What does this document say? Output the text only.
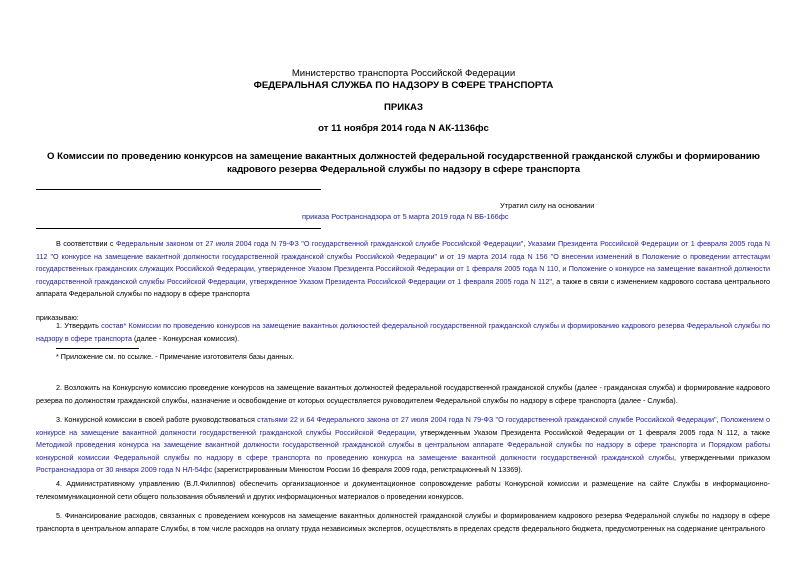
Министерство транспорта Российской Федерации
ФЕДЕРАЛЬНАЯ СЛУЖБА ПО НАДЗОРУ В СФЕРЕ ТРАНСПОРТА
ПРИКАЗ
от 11 ноября 2014 года N АК-1136фс
О Комиссии по проведению конкурсов на замещение вакантных должностей федеральной государственной гражданской службы и формированию кадрового резерва Федеральной службы по надзору в сфере транспорта
Утратил силу на основании
приказа Ространснадзора от 5 марта 2019 года N ВБ-166фс
В соответствии с Федеральным законом от 27 июля 2004 года N 79-ФЗ "О государственной гражданской службе Российской Федерации", Указами Президента Российской Федерации от 1 февраля 2005 года N 112 "О конкурсе на замещение вакантной должности государственной гражданской службы Российской Федерации" и от 19 марта 2014 года N 156 "О внесении изменений в Положение о проведении аттестации государственных гражданских служащих Российской Федерации, утвержденное Указом Президента Российской Федерации от 1 февраля 2005 года N 110, и Положение о конкурсе на замещение вакантной должности государственной гражданской службы Российской Федерации, утвержденное Указом Президента Российской Федерации от 1 февраля 2005 года N 112", а также в связи с изменением кадрового состава центрального аппарата Федеральной службы по надзору в сфере транспорта
приказываю:
1. Утвердить состав* Комиссии по проведению конкурсов на замещение вакантных должностей федеральной государственной гражданской службы и формированию кадрового резерва Федеральной службы по надзору в сфере транспорта (далее - Конкурсная комиссия).
* Приложение см. по ссылке. - Примечание изготовителя базы данных.
2. Возложить на Конкурсную комиссию проведение конкурсов на замещение вакантных должностей федеральной государственной гражданской службы (далее - гражданская служба) и формирование кадрового резерва по должностям гражданской службы, назначение и освобождение от которых осуществляется руководителем Федеральной службы по надзору в сфере транспорта (далее - Служба).
3. Конкурсной комиссии в своей работе руководствоваться статьями 22 и 64 Федерального закона от 27 июля 2004 года N 79-ФЗ "О государственной гражданской службе Российской Федерации", Положением о конкурсе на замещение вакантной должности государственной гражданской службы Российской Федерации, утвержденным Указом Президента Российской Федерации от 1 февраля 2005 года N 112, а также Методикой проведения конкурса на замещение вакантной должности государственной гражданской службы в центральном аппарате Федеральной службы по надзору в сфере транспорта и Порядком работы конкурсной комиссии Федеральной службы по надзору в сфере транспорта по проведению конкурса на замещение вакантной должности государственной гражданской службы, утвержденными приказом Ространснадзора от 30 января 2009 года N НЛ-54фс (зарегистрированным Минюстом России 16 февраля 2009 года, регистрационный N 13369).
4. Административному управлению (В.Л.Филиппов) обеспечить организационное и документационное сопровождение работы Конкурсной комиссии и размещение на сайте Службы в информационно-телекоммуникационной сети общего пользования объявлений и других информационных материалов о проведении конкурсов.
5. Финансирование расходов, связанных с проведением конкурсов на замещение вакантных должностей гражданской службы и формированием кадрового резерва Федеральной службы по надзору в сфере транспорта в центральном аппарате Службы, в том числе расходов на оплату труда независимых экспертов, осуществлять в пределах средств федерального бюджета, предусмотренных на содержание центрального
